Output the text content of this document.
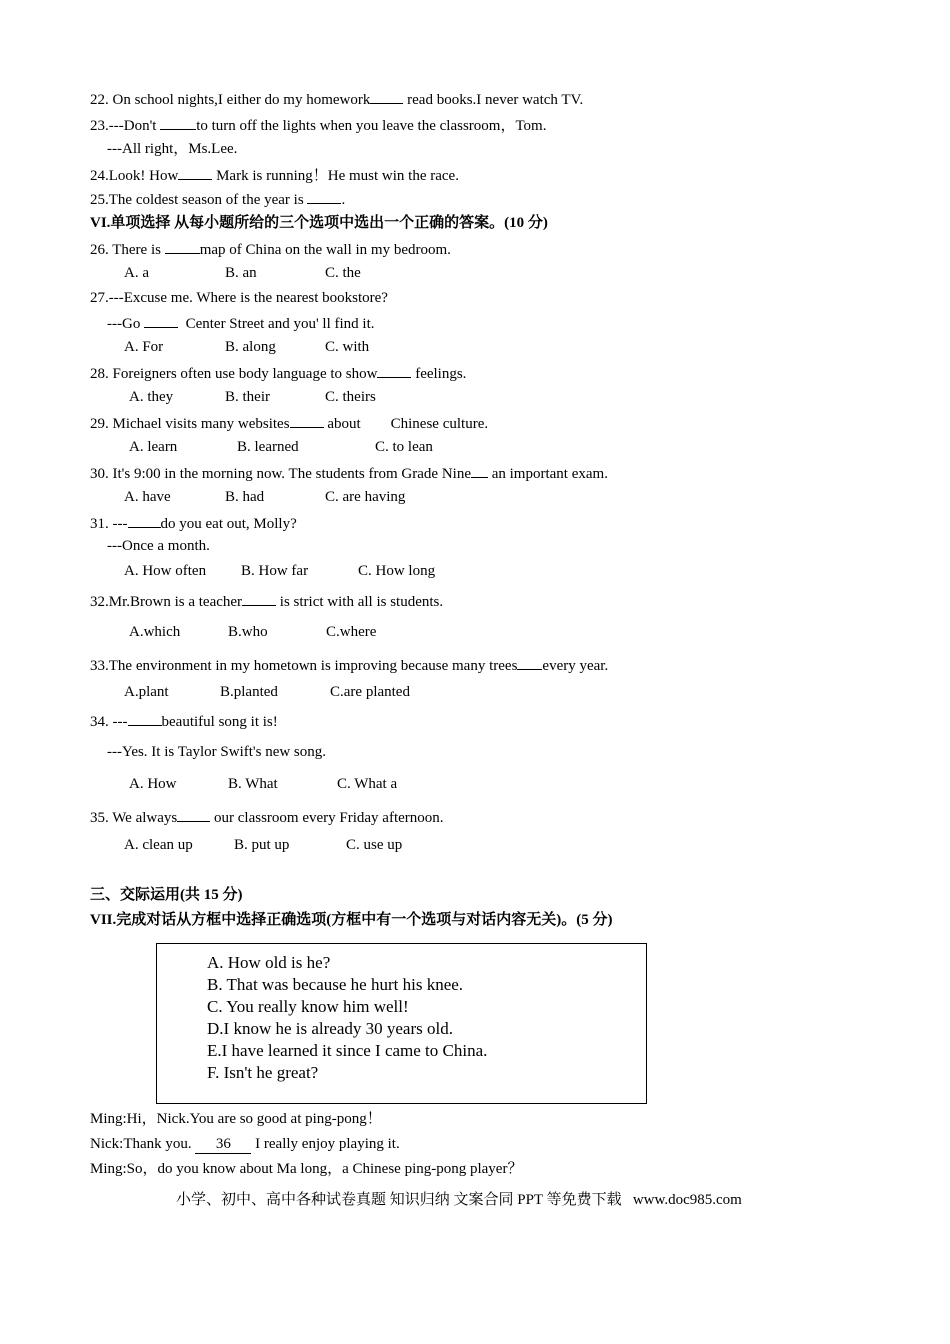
22. On school nights,I either do my homework read books.I never watch TV.
23.---Don't to turn off the lights when you leave the classroom，Tom.
---All right，Ms.Lee.
24.Look! How Mark is running！He must win the race.
25.The coldest season of the year is .
VI.单项选择 从每小题所给的三个选项中选出一个正确的答案。(10 分)
26. There is map of China on the wall in my bedroom.
A. a	B. an	C. the
27.---Excuse me. Where is the nearest bookstore?
---Go   Center Street and you' ll find it.
A. For	B. along	C. with
28. Foreigners often use body language to show feelings.
A. they	B. their	C. theirs
29. Michael visits many websites about        Chinese culture.
A. learn	B. learned	C. to lean
30. It's 9:00 in the morning now. The students from Grade Nine an important exam.
A. have	B. had	C. are having
31. --- do you eat out, Molly?
---Once a month.
A. How often B. How far	C. How long
32.Mr.Brown is a teacher is strict with all is students.
A.which	B.who	C.where
33.The environment in my hometown is improving because many trees every year.
A.plant	B.planted	C.are planted
34. --- beautiful song it is!
---Yes. It is Taylor Swift's new song.
A. How	B. What	C. What a
35. We always our classroom every Friday afternoon.
A. clean up	B. put up	C. use up
三、交际运用(共 15 分)
VII.完成对话从方框中选择正确选项(方框中有一个选项与对话内容无关)。(5 分)
A. How old is he?
B. That was because he hurt his knee.
C. You really know him well!
D.I know he is already 30 years old.
E.I have learned it since I came to China.
F. Isn't he great?
Ming:Hi，Nick.You are so good at ping-pong！
Nick:Thank you. 36 I really enjoy playing it.
Ming:So，do you know about Ma long，a Chinese ping-pong player？
小学、初中、高中各种试卷真题 知识归纳 文案合同 PPT 等免费下载   www.doc985.com
